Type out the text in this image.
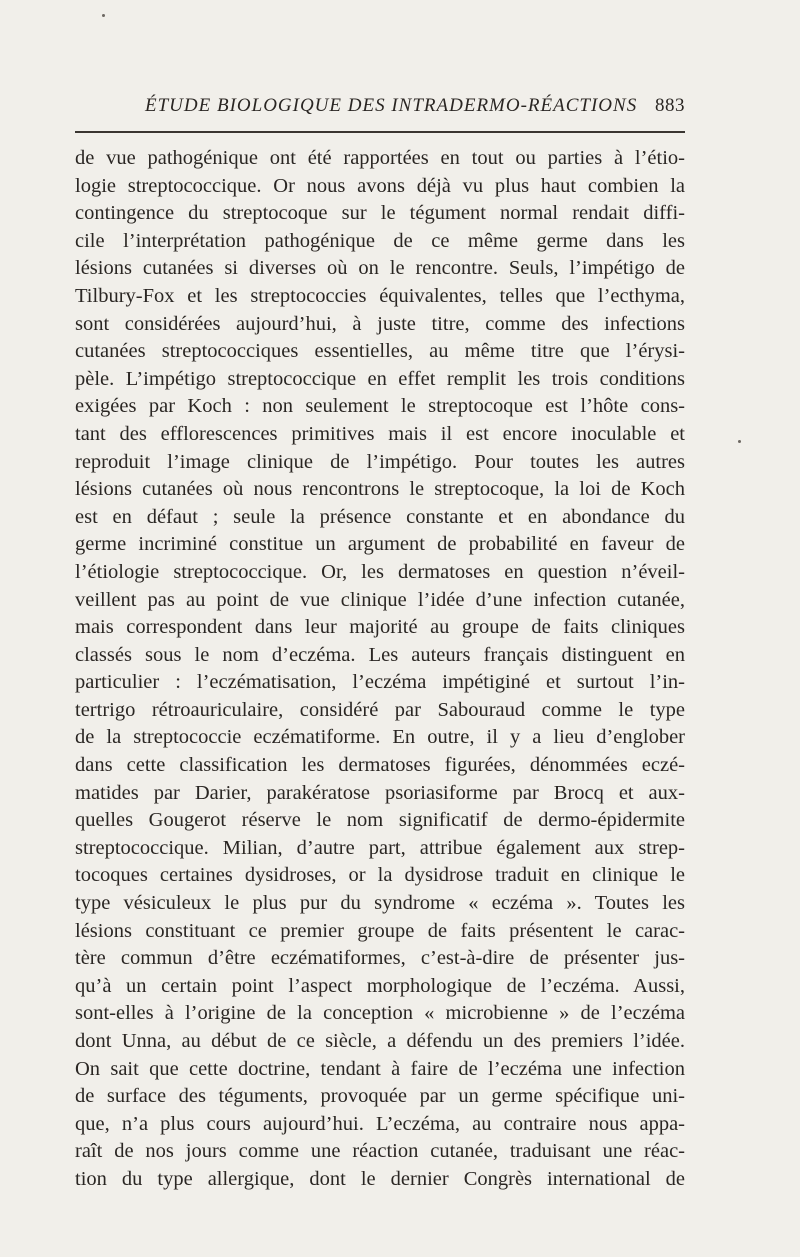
ÉTUDE BIOLOGIQUE DES INTRADERMO-RÉACTIONS 883
de vue pathogénique ont été rapportées en tout ou parties à l’étio-
logie streptococcique. Or nous avons déjà vu plus haut combien la
contingence du streptocoque sur le tégument normal rendait diffi-
cile l’interprétation pathogénique de ce même germe dans les
lésions cutanées si diverses où on le rencontre. Seuls, l’impétigo de
Tilbury-Fox et les streptococcies équivalentes, telles que l’ecthyma,
sont considérées aujourd’hui, à juste titre, comme des infections
cutanées streptococciques essentielles, au même titre que l’érysi-
pèle. L’impétigo streptococcique en effet remplit les trois conditions
exigées par Koch : non seulement le streptocoque est l’hôte cons-
tant des efflorescences primitives mais il est encore inoculable et
reproduit l’image clinique de l’impétigo. Pour toutes les autres
lésions cutanées où nous rencontrons le streptocoque, la loi de Koch
est en défaut ; seule la présence constante et en abondance du
germe incriminé constitue un argument de probabilité en faveur de
l’étiologie streptococcique. Or, les dermatoses en question n’éveil-
veillent pas au point de vue clinique l’idée d’une infection cutanée,
mais correspondent dans leur majorité au groupe de faits cliniques
classés sous le nom d’eczéma. Les auteurs français distinguent en
particulier : l’eczématisation, l’eczéma impétiginé et surtout l’in-
tertrigo rétroauriculaire, considéré par Sabouraud comme le type
de la streptococcie eczématiforme. En outre, il y a lieu d’englober
dans cette classification les dermatoses figurées, dénommées eczé-
matides par Darier, parakératose psoriasiforme par Brocq et aux-
quelles Gougerot réserve le nom significatif de dermo-épidermite
streptococcique. Milian, d’autre part, attribue également aux strep-
tocoques certaines dysidroses, or la dysidrose traduit en clinique le
type vésiculeux le plus pur du syndrome « eczéma ». Toutes les
lésions constituant ce premier groupe de faits présentent le carac-
tère commun d’être eczématiformes, c’est-à-dire de présenter jus-
qu’à un certain point l’aspect morphologique de l’eczéma. Aussi,
sont-elles à l’origine de la conception « microbienne » de l’eczéma
dont Unna, au début de ce siècle, a défendu un des premiers l’idée.
On sait que cette doctrine, tendant à faire de l’eczéma une infection
de surface des téguments, provoquée par un germe spécifique uni-
que, n’a plus cours aujourd’hui. L’eczéma, au contraire nous appa-
raît de nos jours comme une réaction cutanée, traduisant une réac-
tion du type allergique, dont le dernier Congrès international de
